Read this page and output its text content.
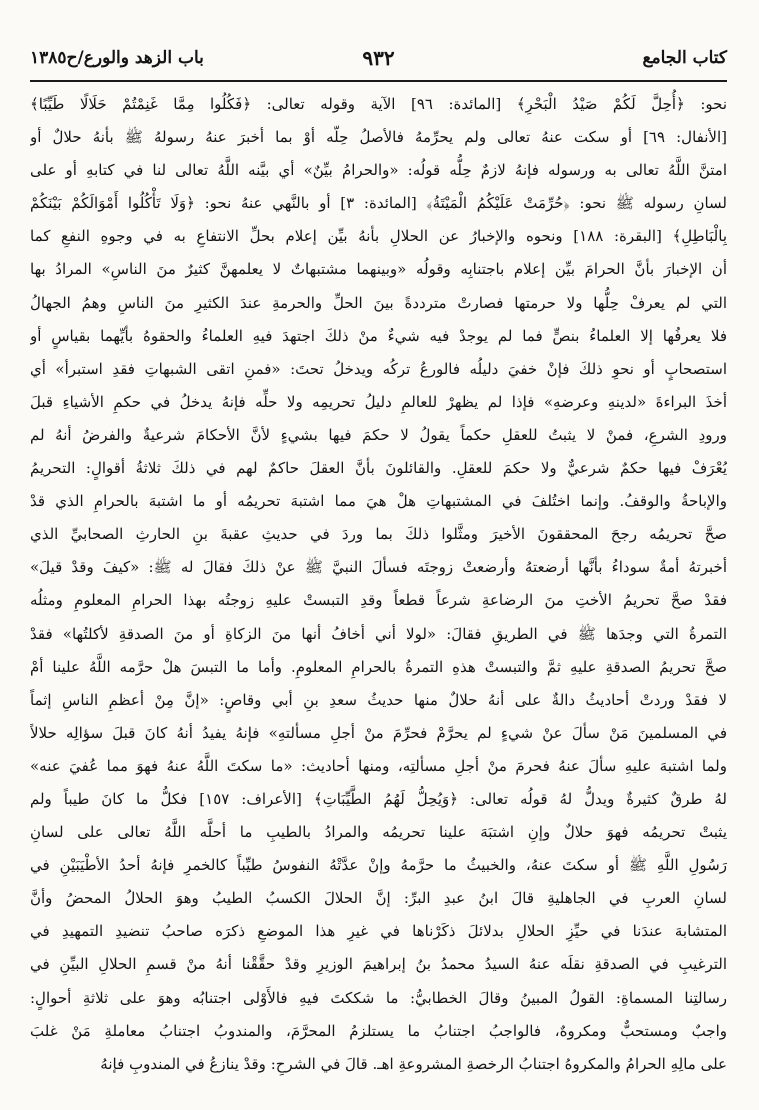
باب الزهد والورع/ح١٣٨٥	٩٣٢	كتاب الجامع
نحو: ﴿أُحِلَّ لَكُمْ صَيْدُ الْبَحْرِ﴾ [المائدة: ٩٦] الآية وقوله تعالى: ﴿فَكُلُوا مِمَّا غَنِمْتُمْ حَلَالًا طَيِّبًا﴾
[الأنفال: ٦٩] أو سكت عنهُ تعالى ولم يحرِّمهُ فالأصلُ حِلّه أوْ بما أخبرَ عنهُ رسولهُ ﷺ بأنهُ حلالٌ أو
امتنَّ اللَّهُ تعالى به ورسوله فإنهُ لازمٌ حِلُّه قولُه: «والحرامُ بيِّنٌ» أي بيَّنه اللَّهُ تعالى لنا في كتابهِ أو على
لسانِ رسوله ﷺ نحو: ﴿حُرِّمَتْ عَلَيْكُمُ الْمَيْتَةُ﴾ [المائدة: ٣] أو بالنَّهي عنهُ نحو: ﴿وَلَا تَأْكُلُوا أَمْوَالَكُمْ بَيْنَكُمْ
بِالْبَاطِلِ﴾ [البقرة: ١٨٨] ونحوه والإخبارُ عن الحلالِ بأنهُ بيِّن إعلام بحلِّ الانتفاعِ به في وجوهِ النفعِ كما
أن الإخبارَ بأنَّ الحرامَ بيِّن إعلام باجتنابِه وقولُه «وبينهما مشتبهاتٌ لا يعلمهنَّ كثيرٌ منَ الناسِ» المرادُ بها
التي لم يعرفْ حِلُّها ولا حرمتها فصارتْ مترددةً بينَ الحلِّ والحرمةِ عندَ الكثيرِ منَ الناسِ وهمُ الجهالُ
فلا يعرفُها إلا العلماءُ بنصٍّ فما لم يوجدْ فيه شيءٌ منْ ذلكَ اجتهدَ فيهِ العلماءُ والحقوهُ بأيِّهما بقياسٍ أو
استصحابٍ أو نحوِ ذلكَ فإنْ خفيَ دليلُه فالورعُ تركُه ويدخلُ تحتَ: «فمنِ اتقى الشبهاتِ فقدِ استبرأ» أي
أخذَ البراءةَ «لدينهِ وعرضهِ» فإذا لم يظهرْ للعالمِ دليلُ تحريمِه ولا حلِّه فإنهُ يدخلُ في حكمِ الأشياءِ قبلَ
ورودِ الشرعِ، فمنْ لا يثبتُ للعقلِ حكماً يقولُ لا حكمَ فيها بشيءٍ لأنَّ الأحكامَ شرعيةٌ والفرضُ أنهُ لم
يُعْرَفْ فيها حكمٌ شرعيٌّ ولا حكمَ للعقلِ. والقائلونَ بأنَّ العقلَ حاكمٌ لهم في ذلكَ ثلاثةُ أقوالٍ: التحريمُ
والإباحةُ والوقفُ. وإنما اختُلفَ في المشتبهاتِ هلْ هيَ مما اشتبهَ تحريمُه أو ما اشتبهَ بالحرامِ الذي قدْ
صحَّ تحريمُه رجحَ المحققونَ الأخيرَ ومثَّلوا ذلكَ بما وردَ في حديثِ عقبةَ بنِ الحارثِ الصحابيِّ الذي
أخبرتهُ أمةٌ سوداءُ بأنَّها أرضعتهُ وأرضعتْ زوجتَه فسألَ النبيَّ ﷺ عنْ ذلكَ فقالَ له ﷺ: «كيفَ وقدْ قيلَ»
فقدْ صحَّ تحريمُ الأختِ منَ الرضاعةِ شرعاً قطعاً وقدِ التبستْ عليهِ زوجتُه بهذا الحرامِ المعلومِ ومثلُه
التمرةُ التي وجدَها ﷺ في الطريقِ فقالَ: «لولا أني أخافُ أنها منَ الزكاةِ أو منَ الصدقةِ لأكلتُها» فقدْ
صحَّ تحريمُ الصدقةِ عليهِ ثمَّ والتبستْ هذهِ التمرةُ بالحرامِ المعلومِ. وأما ما التبسَ هلْ حرَّمه اللَّهُ علينا أمْ
لا فقدْ وردتْ أحاديثُ دالةٌ على أنهُ حلالٌ منها حديثُ سعدِ بنِ أبي وقاصٍ: «إنَّ مِنْ أعظمِ الناسِ إثماً
في المسلمينَ مَنْ سألَ عنْ شيءٍ لم يحرَّمْ فحرِّمَ منْ أجلِ مسألتهِ» فإنهُ يفيدُ أنهُ كانَ قبلَ سؤالِه حلالاً
ولما اشتبهَ عليهِ سألَ عنهُ فحرمَ منْ أجلِ مسألتِه، ومنها أحاديث: «ما سكتَ اللَّهُ عنهُ فهوَ مما عُفيَ عنه»
لهُ طرقٌ كثيرةٌ ويدلُّ لهُ قولُه تعالى: ﴿وَيُحِلُّ لَهُمُ الطَّيِّبَاتِ﴾ [الأعراف: ١٥٧] فكلُّ ما كانَ طيباً ولم
يثبتْ تحريمُه فهوَ حلالٌ وإنِ اشتبَهَ علينا تحريمُه والمرادُ بالطيبِ ما أحلَّه اللَّهُ تعالى على لسانِ
رَسُولِ اللَّهِ ﷺ أو سكتَ عنهُ، والخبيثُ ما حرَّمهُ وإنْ عدَّتْهُ النفوسُ طيِّباً كالخمرِ فإنهُ أحدُ الأطْيَبَيْنِ في
لسانِ العربِ في الجاهليةِ قالَ ابنُ عبدِ البرِّ: إنَّ الحلالَ الكسبُ الطيبُ وهوَ الحلالُ المحضُ وأنَّ
المتشابهَ عندَنا في حيِّزِ الحلالِ بدلائلَ ذكَرْناها في غيرِ هذا الموضعِ ذكرَه صاحبُ تنضيدِ التمهيدِ في
الترغيبِ في الصدقةِ نقلَه عنهُ السيدُ محمدُ بنُ إبراهيمَ الوزيرِ وقدْ حقَّقْنا أنهُ منْ قسمِ الحلالِ البيِّنِ في
رسالتِنا المسماةِ: القولُ المبينُ وقالَ الخطابيُّ: ما شككتَ فيهِ فالأَوْلى اجتنابُه وهوَ على ثلاثةِ أحوالٍ:
واجبٌ ومستحبٌّ ومكروهٌ، فالواجبُ اجتنابُ ما يستلزمُ المحرَّمَ، والمندوبُ اجتنابُ معاملةِ مَنْ غلبَ
على مالِهِ الحرامُ والمكروهُ اجتنابُ الرخصةِ المشروعةِ اهـ. قالَ في الشرحِ: وقدْ ينازعُ في المندوبِ فإنهُ
